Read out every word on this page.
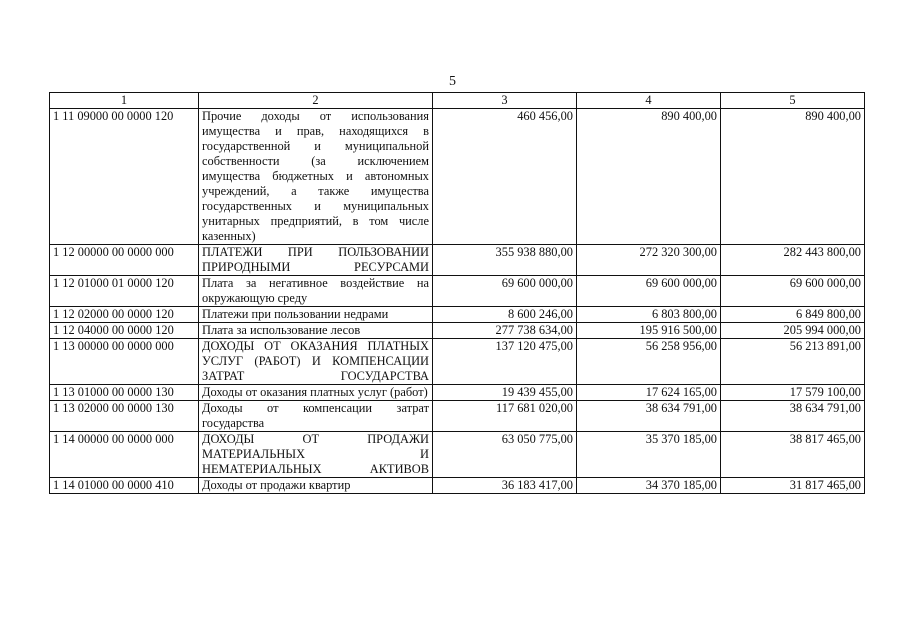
5
1	2	3	4	5
1 11 09000 00 0000 120	Прочие доходы от использования имущества и прав, находящихся в государственной и муниципальной собственности (за исключением имущества бюджетных и автономных учреждений, а также имущества государственных и муниципальных унитарных предприятий, в том числе казенных)	460 456,00	890 400,00	890 400,00
1 12 00000 00 0000 000	ПЛАТЕЖИ ПРИ ПОЛЬЗОВАНИИ ПРИРОДНЫМИ РЕСУРСАМИ	355 938 880,00	272 320 300,00	282 443 800,00
1 12 01000 01 0000 120	Плата за негативное воздействие на окружающую среду	69 600 000,00	69 600 000,00	69 600 000,00
1 12 02000 00 0000 120	Платежи при пользовании недрами	8 600 246,00	6 803 800,00	6 849 800,00
1 12 04000 00 0000 120	Плата за использование лесов	277 738 634,00	195 916 500,00	205 994 000,00
1 13 00000 00 0000 000	ДОХОДЫ ОТ ОКАЗАНИЯ ПЛАТНЫХ УСЛУГ (РАБОТ) И КОМПЕНСАЦИИ ЗАТРАТ ГОСУДАРСТВА	137 120 475,00	56 258 956,00	56 213 891,00
1 13 01000 00 0000 130	Доходы от оказания платных услуг (работ)	19 439 455,00	17 624 165,00	17 579 100,00
1 13 02000 00 0000 130	Доходы от компенсации затрат государства	117 681 020,00	38 634 791,00	38 634 791,00
1 14 00000 00 0000 000	ДОХОДЫ ОТ ПРОДАЖИ МАТЕРИАЛЬНЫХ И НЕМАТЕРИАЛЬНЫХ АКТИВОВ	63 050 775,00	35 370 185,00	38 817 465,00
1 14 01000 00 0000 410	Доходы от продажи квартир	36 183 417,00	34 370 185,00	31 817 465,00
